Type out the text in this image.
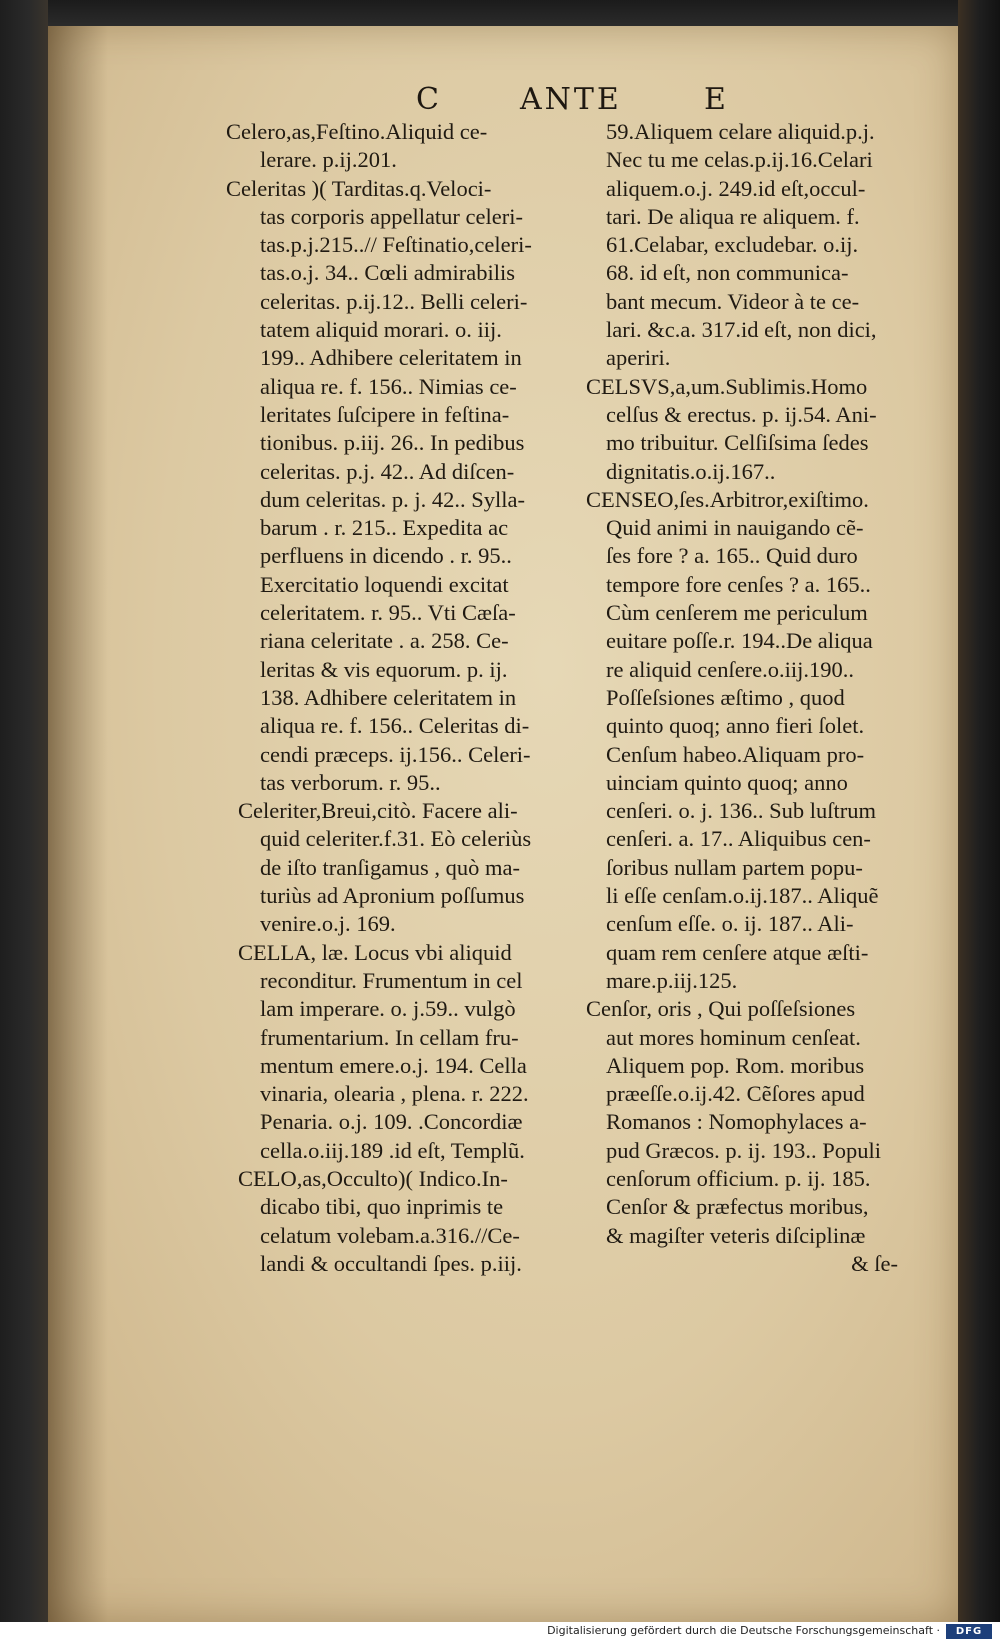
C	ANTE	E
Celero,as,Feſtino.Aliquid ce-
lerare. p.ij.201.
Celeritas )( Tarditas.q.Veloci-
tas corporis appellatur celeri-
tas.p.j.215..// Feſtinatio,celeri-
tas.o.j. 34.. Cœli admirabilis
celeritas. p.ij.12.. Belli celeri-
tatem aliquid morari. o. iij.
199.. Adhibere celeritatem in
aliqua re. f. 156.. Nimias ce-
leritates ſuſcipere in feſtina-
tionibus. p.iij. 26.. In pedibus
celeritas. p.j. 42.. Ad diſcen-
dum celeritas. p. j. 42.. Sylla-
barum . r. 215.. Expedita ac
perfluens in dicendo . r. 95..
Exercitatio loquendi excitat
celeritatem. r. 95.. Vti Cæſa-
riana celeritate . a. 258. Ce-
leritas & vis equorum. p. ij.
138. Adhibere celeritatem in
aliqua re. f. 156.. Celeritas di-
cendi præceps. ij.156.. Celeri-
tas verborum. r. 95..
Celeriter,Breui,citò. Facere ali-
quid celeriter.f.31. Eò celeriùs
de iſto tranſigamus , quò ma-
turiùs ad Apronium poſſumus
venire.o.j. 169.
CELLA, læ. Locus vbi aliquid
reconditur. Frumentum in cel
lam imperare. o. j.59.. vulgò
frumentarium. In cellam fru-
mentum emere.o.j. 194. Cella
vinaria, olearia , plena. r. 222.
Penaria. o.j. 109. .Concordiæ
cella.o.iij.189 .id eſt, Templũ.
CELO,as,Occulto)( Indico.In-
dicabo tibi, quo inprimis te
celatum volebam.a.316.//Ce-
landi & occultandi ſpes. p.iij.
59.Aliquem celare aliquid.p.j.
Nec tu me celas.p.ij.16.Celari
aliquem.o.j. 249.id eſt,occul-
tari. De aliqua re aliquem. f.
61.Celabar, excludebar. o.ij.
68. id eſt, non communica-
bant mecum. Videor à te ce-
lari. &c.a. 317.id eſt, non dici,
aperiri.
CELSVS,a,um.Sublimis.Homo
celſus & erectus. p. ij.54. Ani-
mo tribuitur. Celſiſsima ſedes
dignitatis.o.ij.167..
CENSEO,ſes.Arbitror,exiſtimo.
Quid animi in nauigando cẽ-
ſes fore ? a. 165.. Quid duro
tempore fore cenſes ? a. 165..
Cùm cenſerem me periculum
euitare poſſe.r. 194..De aliqua
re aliquid cenſere.o.iij.190..
Poſſeſsiones æſtimo , quod
quinto quoq; anno fieri ſolet.
Cenſum habeo.Aliquam pro-
uinciam quinto quoq; anno
cenſeri. o. j. 136.. Sub luſtrum
cenſeri. a. 17.. Aliquibus cen-
ſoribus nullam partem popu-
li eſſe cenſam.o.ij.187.. Aliquẽ
cenſum eſſe. o. ij. 187.. Ali-
quam rem cenſere atque æſti-
mare.p.iij.125.
Cenſor, oris , Qui poſſeſsiones
aut mores hominum cenſeat.
Aliquem pop. Rom. moribus
præeſſe.o.ij.42. Cẽſores apud
Romanos : Nomophylaces a-
pud Græcos. p. ij. 193.. Populi
cenſorum officium. p. ij. 185.
Cenſor & præfectus moribus,
& magiſter veteris diſciplinæ
& ſe-
Digitalisierung gefördert durch die Deutsche Forschungsgemeinschaft ·	DFG
